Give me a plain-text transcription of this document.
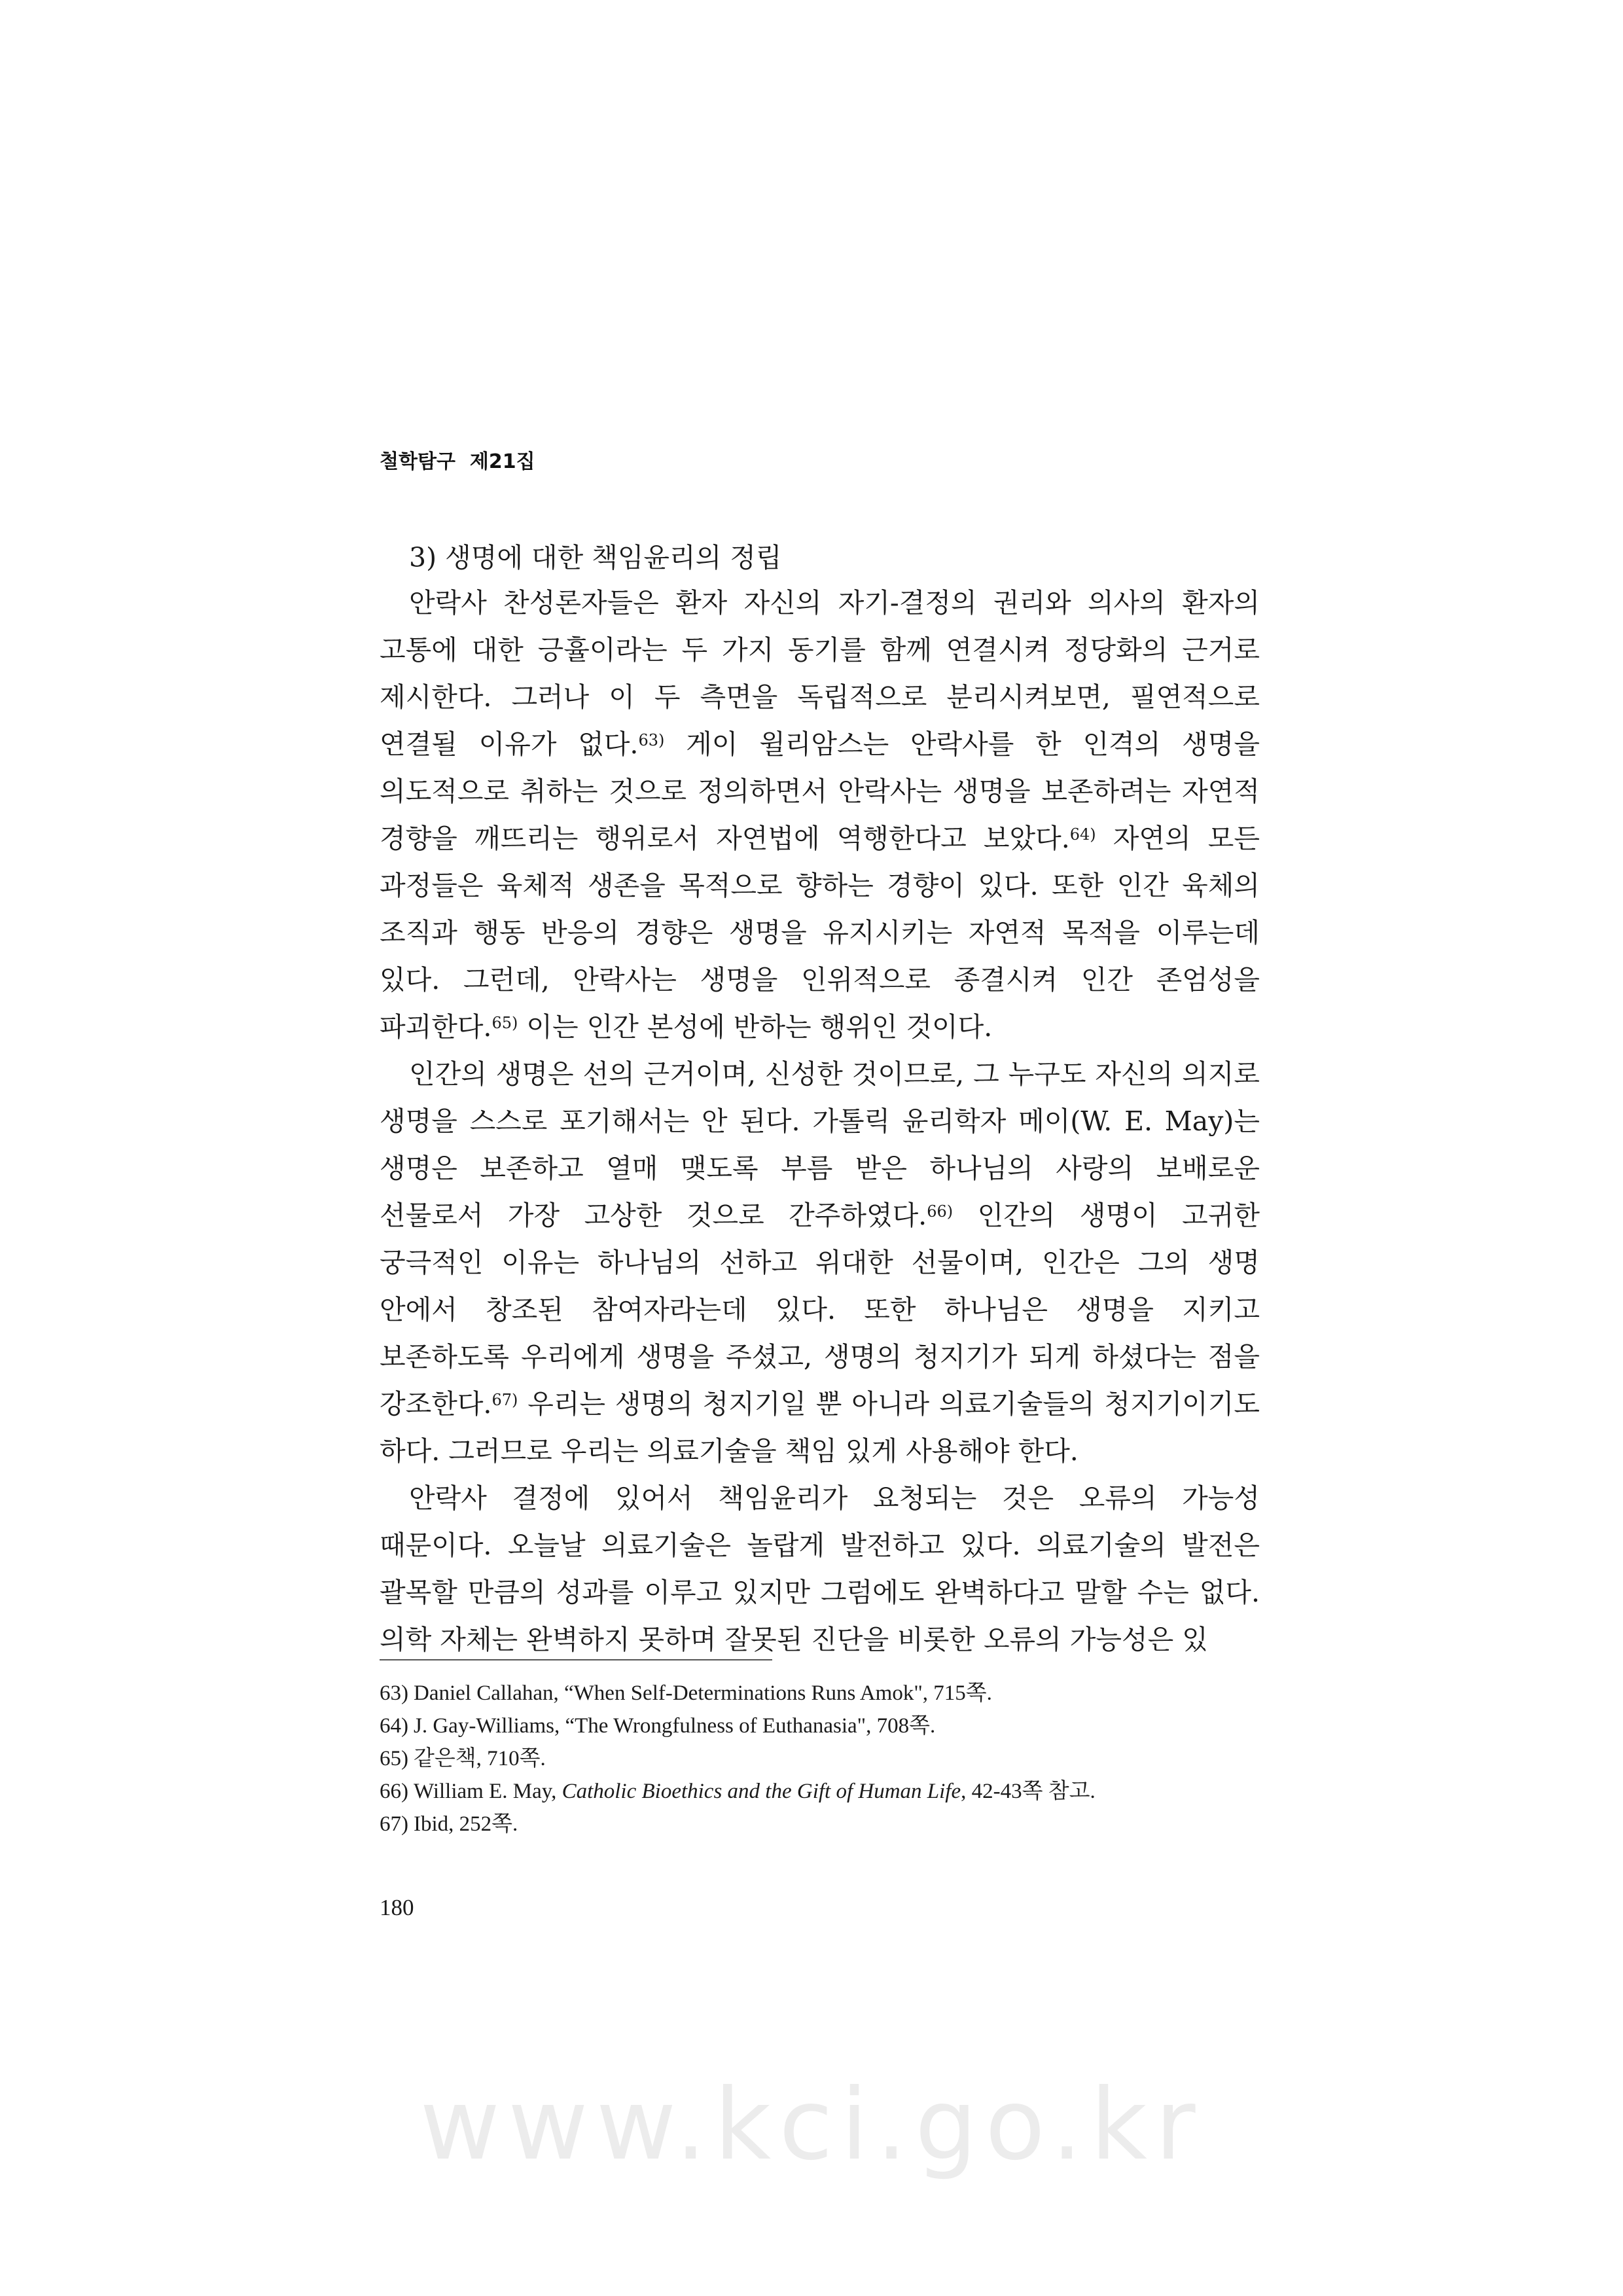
철학탐구 제21집
3) 생명에 대한 책임윤리의 정립

안락사 찬성론자들은 환자 자신의 자기-결정의 권리와 의사의 환자의 고통에 대한 긍휼이라는 두 가지 동기를 함께 연결시켜 정당화의 근거로 제시한다. 그러나 이 두 측면을 독립적으로 분리시켜보면, 필연적으로 연결될 이유가 없다.$^{63)}$ 게이 윌리암스는 안락사를 한 인격의 생명을 의도적으로 취하는 것으로 정의하면서 안락사는 생명을 보존하려는 자연적 경향을 깨뜨리는 행위로서 자연법에 역행한다고 보았다.$^{64)}$ 자연의 모든 과정들은 육체적 생존을 목적으로 향하는 경향이 있다. 또한 인간 육체의 조직과 행동 반응의 경향은 생명을 유지시키는 자연적 목적을 이루는데 있다. 그런데, 안락사는 생명을 인위적으로 종결시켜 인간 존엄성을 파괴한다.$^{65)}$ 이는 인간 본성에 반하는 행위인 것이다.

인간의 생명은 선의 근거이며, 신성한 것이므로, 그 누구도 자신의 의지로 생명을 스스로 포기해서는 안 된다. 가톨릭 윤리학자 메이(W. E. May)는 생명은 보존하고 열매 맺도록 부름 받은 하나님의 사랑의 보배로운 선물로서 가장 고상한 것으로 간주하였다.$^{66)}$ 인간의 생명이 고귀한 궁극적인 이유는 하나님의 선하고 위대한 선물이며, 인간은 그의 생명 안에서 창조된 참여자라는데 있다. 또한 하나님은 생명을 지키고 보존하도록 우리에게 생명을 주셨고, 생명의 청지기가 되게 하셨다는 점을 강조한다.$^{67)}$ 우리는 생명의 청지기일 뿐 아니라 의료기술들의 청지기이기도 하다. 그러므로 우리는 의료기술을 책임 있게 사용해야 한다.

안락사 결정에 있어서 책임윤리가 요청되는 것은 오류의 가능성 때문이다. 오늘날 의료기술은 놀랍게 발전하고 있다. 의료기술의 발전은 괄목할 만큼의 성과를 이루고 있지만 그럼에도 완벽하다고 말할 수는 없다. 의학 자체는 완벽하지 못하며 잘못된 진단을 비롯한 오류의 가능성은 있

63) Daniel Callahan, “When Self-Determinations Runs Amok", 715쪽.
64) J. Gay-Williams, “The Wrongfulness of Euthanasia", 708쪽.
65) 같은책, 710쪽.
66) William E. May, Catholic Bioethics and the Gift of Human Life, 42-43쪽 참고.
67) Ibid, 252쪽.
180
www.kci.go.kr
